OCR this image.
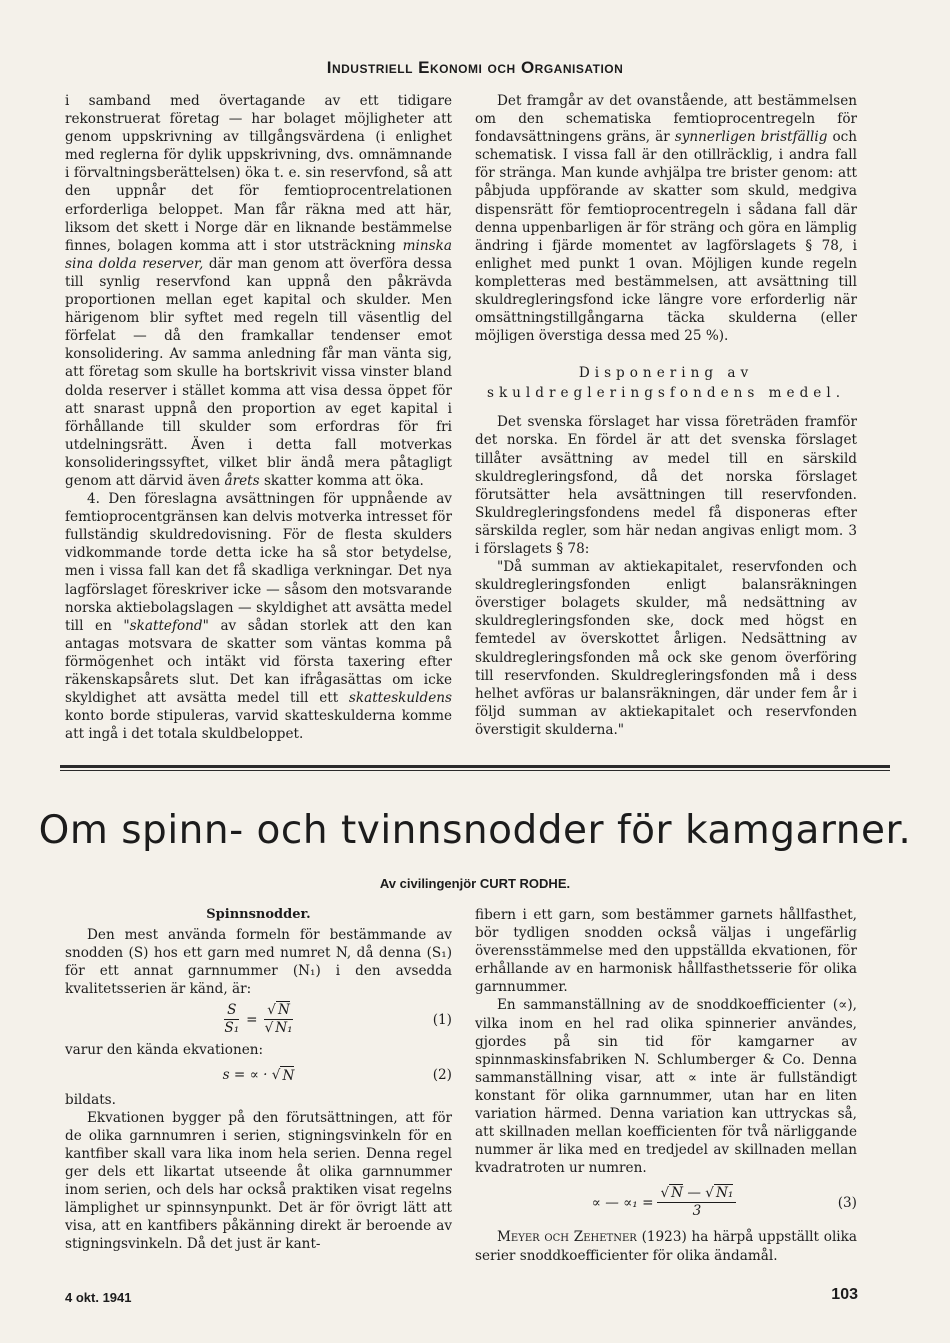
Industriell Ekonomi och Organisation

i samband med övertagande av ett tidigare rekonstruerat företag — har bolaget möjligheter att genom uppskrivning av tillgångsvärdena (i enlighet med reglerna för dylik uppskrivning, dvs. omnämnande i förvaltningsberättelsen) öka t. e. sin reservfond, så att den uppnår det för femtioprocentrelationen erforderliga beloppet. Man får räkna med att här, liksom det skett i Norge där en liknande bestämmelse finnes, bolagen komma att i stor utsträckning minska sina dolda reserver, där man genom att överföra dessa till synlig reservfond kan uppnå den påkrävda proportionen mellan eget kapital och skulder. Men härigenom blir syftet med regeln till väsentlig del förfelat — då den framkallar tendenser emot konsolidering. Av samma anledning får man vänta sig, att företag som skulle ha bortskrivit vissa vinster bland dolda reserver i stället komma att visa dessa öppet för att snarast uppnå den proportion av eget kapital i förhållande till skulder som erfordras för fri utdelningsrätt. Även i detta fall motverkas konsolideringssyftet, vilket blir ändå mera påtagligt genom att därvid även årets skatter komma att öka.

4. Den föreslagna avsättningen för uppnående av femtioprocentgränsen kan delvis motverka intresset för fullständig skuldredovisning. För de flesta skulders vidkommande torde detta icke ha så stor betydelse, men i vissa fall kan det få skadliga verkningar. Det nya lagförslaget föreskriver icke — såsom den motsvarande norska aktiebolagslagen — skyldighet att avsätta medel till en "skattefond" av sådan storlek att den kan antagas motsvara de skatter som väntas komma på förmögenhet och intäkt vid första taxering efter räkenskapsårets slut. Det kan ifrågasättas om icke skyldighet att avsätta medel till ett skatteskuldens konto borde stipuleras, varvid skatteskulderna komme att ingå i det totala skuldbeloppet.

Det framgår av det ovanstående, att bestämmelsen om den schematiska femtioprocentregeln för fondavsättningens gräns, är synnerligen bristfällig och schematisk. I vissa fall är den otillräcklig, i andra fall för stränga. Man kunde avhjälpa tre brister genom: att påbjuda uppförande av skatter som skuld, medgiva dispensrätt för femtioprocentregeln i sådana fall där denna uppenbarligen är för sträng och göra en lämplig ändring i fjärde momentet av lagförslagets § 78, i enlighet med punkt 1 ovan. Möjligen kunde regeln kompletteras med bestämmelsen, att avsättning till skuldregleringsfond icke längre vore erforderlig när omsättningstillgångarna täcka skulderna (eller möjligen överstiga dessa med 25 %).

Disponering av skuldregleringsfondens medel.

Det svenska förslaget har vissa företräden framför det norska. En fördel är att det svenska förslaget tillåter avsättning av medel till en särskild skuldregleringsfond, då det norska förslaget förutsätter hela avsättningen till reservfonden. Skuldregleringsfondens medel få disponeras efter särskilda regler, som här nedan angivas enligt mom. 3 i förslagets § 78:

"Då summan av aktiekapitalet, reservfonden och skuldregleringsfonden enligt balansräkningen överstiger bolagets skulder, må nedsättning av skuldregleringsfonden ske, dock med högst en femtedel av överskottet årligen. Nedsättning av skuldregleringsfonden må ock ske genom överföring till reservfonden. Skuldregleringsfonden må i dess helhet avföras ur balansräkningen, där under fem år i följd summan av aktiekapitalet och reservfonden överstigit skulderna."

Om spinn- och tvinnsnodder för kamgarner.
Av civilingenjör CURT RODHE.

Spinnsnodder.

Den mest använda formeln för bestämmande av snodden (S) hos ett garn med numret N, då denna (S₁) för ett annat garnnummer (N₁) i den avsedda kvalitetsserien är känd, är:

$\frac{S}{\text{S₁}} = \frac{√ N}{\text{√ N₁}}$	(1)

varur den kända ekvationen:

s = ∝ · √ N	(2)

bildats.

Ekvationen bygger på den förutsättningen, att för de olika garnnumren i serien, stigningsvinkeln för en kantfiber skall vara lika inom hela serien. Denna regel ger dels ett likartat utseende åt olika garnnummer inom serien, och dels har också praktiken visat regelns lämplighet ur spinnsynpunkt. Det är för övrigt lätt att visa, att en kantfibers påkänning direkt är beroende av stigningsvinkeln. Då det just är kant-

fibern i ett garn, som bestämmer garnets hållfasthet, bör tydligen snodden också väljas i ungefärlig överensstämmelse med den uppställda ekvationen, för erhållande av en harmonisk hållfasthetsserie för olika garnnummer.

En sammanställning av de snoddkoefficienter (∝), vilka inom en hel rad olika spinnerier användes, gjordes på sin tid för kamgarner av spinnmaskinsfabriken N. Schlumberger & Co. Denna sammanställning visar, att ∝ inte är fullständigt konstant för olika garnnummer, utan har en liten variation härmed. Denna variation kan uttryckas så, att skillnaden mellan koefficienten för två närliggande nummer är lika med en tredjedel av skillnaden mellan kvadratroten ur numren.

∝ — $\propto_1 = \frac{\text{√ N — √ N₁}}{3}$	(3)

Meyer och Zehetner (1923) ha härpå uppställt olika serier snoddkoefficienter för olika ändamål.

4 okt. 1941	103
